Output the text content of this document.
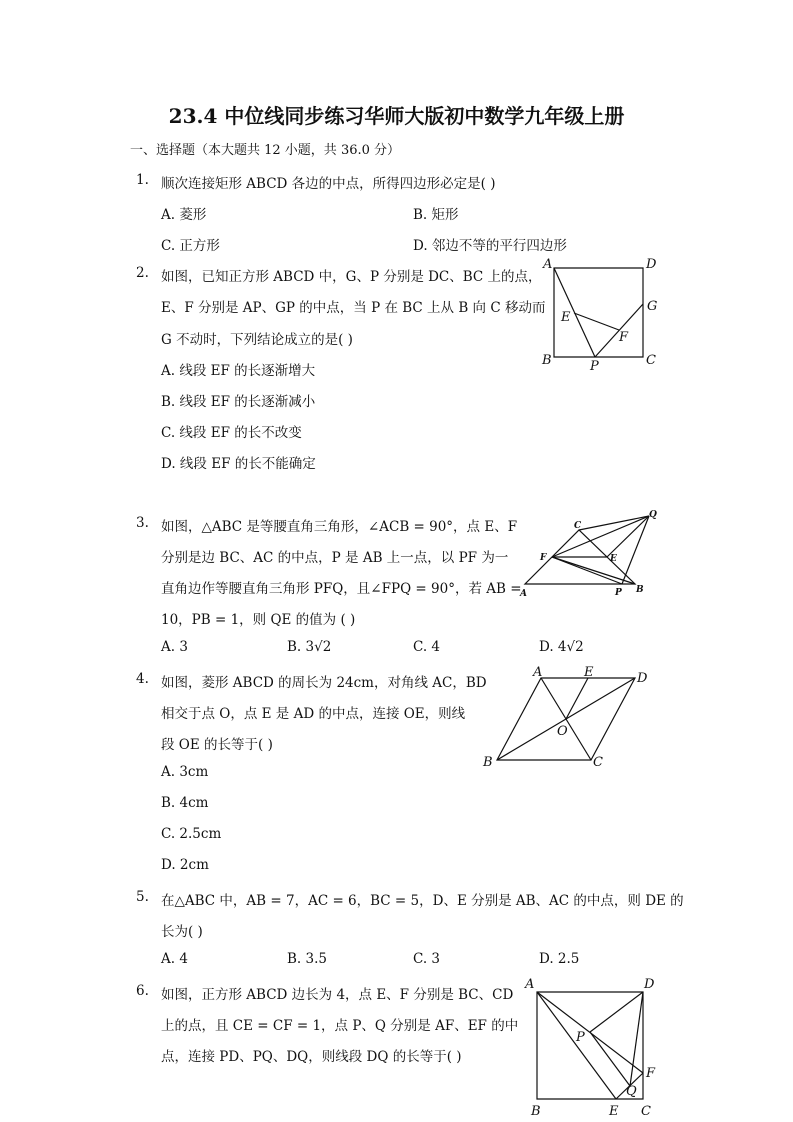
23.4 中位线同步练习华师大版初中数学九年级上册
一、选择题（本大题共 12 小题，共 36.0 分）
1. 顺次连接矩形 ABCD 各边的中点，所得四边形必定是( )
A. 菱形	B. 矩形
C. 正方形	D. 邻边不等的平行四边形
2. 如图，已知正方形 ABCD 中，G、P 分别是 DC、BC 上的点，
E、F 分别是 AP、GP 的中点，当 P 在 BC 上从 B 向 C 移动而
G 不动时，下列结论成立的是( )
A. 线段 EF 的长逐渐增大
B. 线段 EF 的长逐渐减小
C. 线段 EF 的长不改变
D. 线段 EF 的长不能确定
A	D
G
E
F
B	C
P
3. 如图，△ABC 是等腰直角三角形，∠ACB = 90°，点 E、F
分别是边 BC、AC 的中点，P 是 AB 上一点，以 PF 为一
直角边作等腰直角三角形 PFQ，且∠FPQ = 90°，若 AB =
10，PB = 1，则 QE 的值为 ( )
A. 3	B. 3√2	C. 4	D. 4√2
C
Q
F	E
A	P B
4. 如图，菱形 ABCD 的周长为 24cm，对角线 AC，BD
相交于点 O，点 E 是 AD 的中点，连接 OE，则线
段 OE 的长等于( )
A. 3cm
B. 4cm
C. 2.5cm
D. 2cm
A	E	D
O
B	C
5. 在△ABC 中，AB = 7，AC = 6，BC = 5，D、E 分别是 AB、AC 的中点，则 DE 的
长为( )
A. 4	B. 3.5	C. 3	D. 2.5
6. 如图，正方形 ABCD 边长为 4，点 E、F 分别是 BC、CD
上的点，且 CE = CF = 1，点 P、Q 分别是 AF、EF 的中
点，连接 PD、PQ、DQ，则线段 DQ 的长等于( )
A	D
P
F
Q
B	E C
